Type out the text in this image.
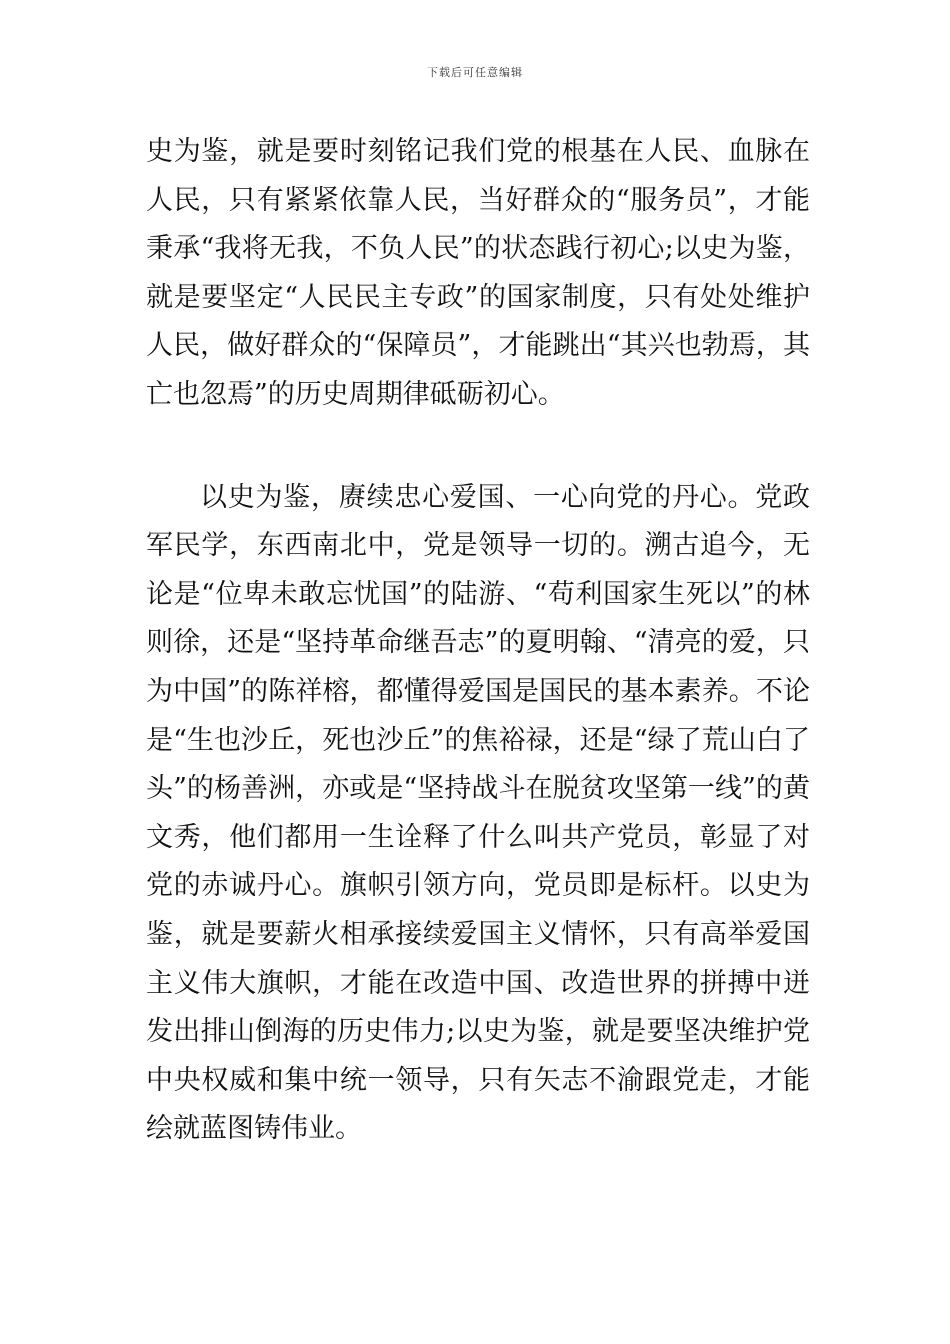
下载后可任意编辑

史为鉴，就是要时刻铭记我们党的根基在人民、血脉在人民，只有紧紧依靠人民，当好群众的“服务员”，才能秉承“我将无我，不负人民”的状态践行初心;以史为鉴，就是要坚定“人民民主专政”的国家制度，只有处处维护人民，做好群众的“保障员”，才能跳出“其兴也勃焉，其亡也忽焉”的历史周期律砥砺初心。

以史为鉴，赓续忠心爱国、一心向党的丹心。党政军民学，东西南北中，党是领导一切的。溯古追今，无论是“位卑未敢忘忧国”的陆游、“苟利国家生死以”的林则徐，还是“坚持革命继吾志”的夏明翰、“清亮的爱，只为中国”的陈祥榕，都懂得爱国是国民的基本素养。不论是“生也沙丘，死也沙丘”的焦裕禄，还是“绿了荒山白了头”的杨善洲，亦或是“坚持战斗在脱贫攻坚第一线”的黄文秀，他们都用一生诠释了什么叫共产党员，彰显了对党的赤诚丹心。旗帜引领方向，党员即是标杆。以史为鉴，就是要薪火相承接续爱国主义情怀，只有高举爱国主义伟大旗帜，才能在改造中国、改造世界的拼搏中迸发出排山倒海的历史伟力;以史为鉴，就是要坚决维护党中央权威和集中统一领导，只有矢志不渝跟党走，才能绘就蓝图铸伟业。
